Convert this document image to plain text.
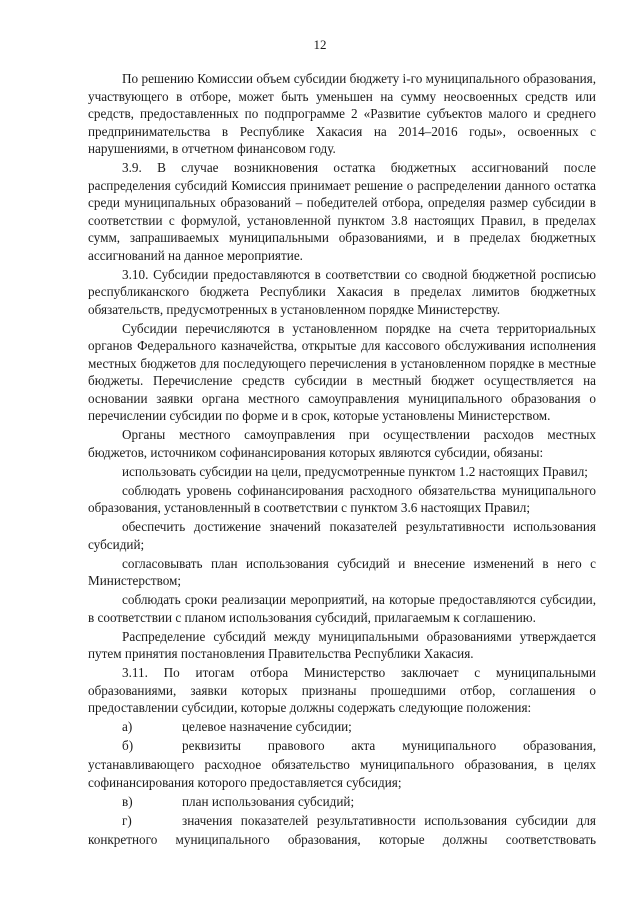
12

По решению Комиссии объем субсидии бюджету i-го муниципального образования, участвующего в отборе, может быть уменьшен на сумму неосвоенных средств или средств, предоставленных по подпрограмме 2 «Развитие субъектов малого и среднего предпринимательства в Республике Хакасия на 2014–2016 годы», освоенных с нарушениями, в отчетном финансовом году.

3.9. В случае возникновения остатка бюджетных ассигнований после распределения субсидий Комиссия принимает решение о распределении данного остатка среди муниципальных образований – победителей отбора, определяя размер субсидии в соответствии с формулой, установленной пунктом 3.8 настоящих Правил, в пределах сумм, запрашиваемых муниципальными образованиями, и в пределах бюджетных ассигнований на данное мероприятие.

3.10. Субсидии предоставляются в соответствии со сводной бюджетной росписью республиканского бюджета Республики Хакасия в пределах лимитов бюджетных обязательств, предусмотренных в установленном порядке Министерству.

Субсидии перечисляются в установленном порядке на счета территориальных органов Федерального казначейства, открытые для кассового обслуживания исполнения местных бюджетов для последующего перечисления в установленном порядке в местные бюджеты. Перечисление средств субсидии в местный бюджет осуществляется на основании заявки органа местного самоуправления муниципального образования о перечислении субсидии по форме и в срок, которые установлены Министерством.

Органы местного самоуправления при осуществлении расходов местных бюджетов, источником софинансирования которых являются субсидии, обязаны:

использовать субсидии на цели, предусмотренные пунктом 1.2 настоящих Правил;

соблюдать уровень софинансирования расходного обязательства муниципального образования, установленный в соответствии с пунктом 3.6 настоящих Правил;

обеспечить достижение значений показателей результативности использования субсидий;

согласовывать план использования субсидий и внесение изменений в него с Министерством;

соблюдать сроки реализации мероприятий, на которые предоставляются субсидии, в соответствии с планом использования субсидий, прилагаемым к соглашению.

Распределение субсидий между муниципальными образованиями утверждается путем принятия постановления Правительства Республики Хакасия.

3.11. По итогам отбора Министерство заключает с муниципальными образованиями, заявки которых признаны прошедшими отбор, соглашения о предоставлении субсидии, которые должны содержать следующие положения:

а)	целевое назначение субсидии;
б)	реквизиты правового акта муниципального образования,

устанавливающего расходное обязательство муниципального образования, в целях софинансирования которого предоставляется субсидия;

в)	план использования субсидий;
г)	значения показателей результативности использования субсидии для

конкретного муниципального образования, которые должны соответствовать
